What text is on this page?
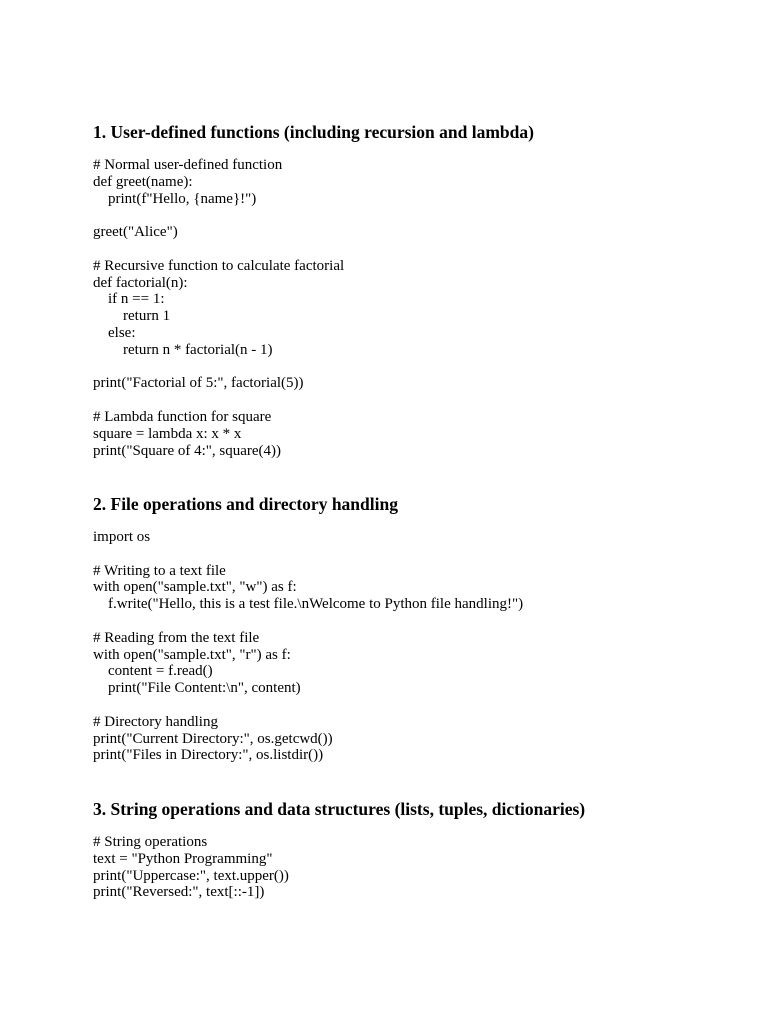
1. User-defined functions (including recursion and lambda)
# Normal user-defined function
def greet(name):
print(f"Hello, {name}!")
greet("Alice")
# Recursive function to calculate factorial
def factorial(n):
if n == 1:
return 1
else:
return n * factorial(n - 1)
print("Factorial of 5:", factorial(5))
# Lambda function for square
square = lambda x: x * x
print("Square of 4:", square(4))
2. File operations and directory handling
import os
# Writing to a text file
with open("sample.txt", "w") as f:
f.write("Hello, this is a test file.\nWelcome to Python file handling!")
# Reading from the text file
with open("sample.txt", "r") as f:
content = f.read()
print("File Content:\n", content)
# Directory handling
print("Current Directory:", os.getcwd())
print("Files in Directory:", os.listdir())
3. String operations and data structures (lists, tuples, dictionaries)
# String operations
text = "Python Programming"
print("Uppercase:", text.upper())
print("Reversed:", text[::-1])
